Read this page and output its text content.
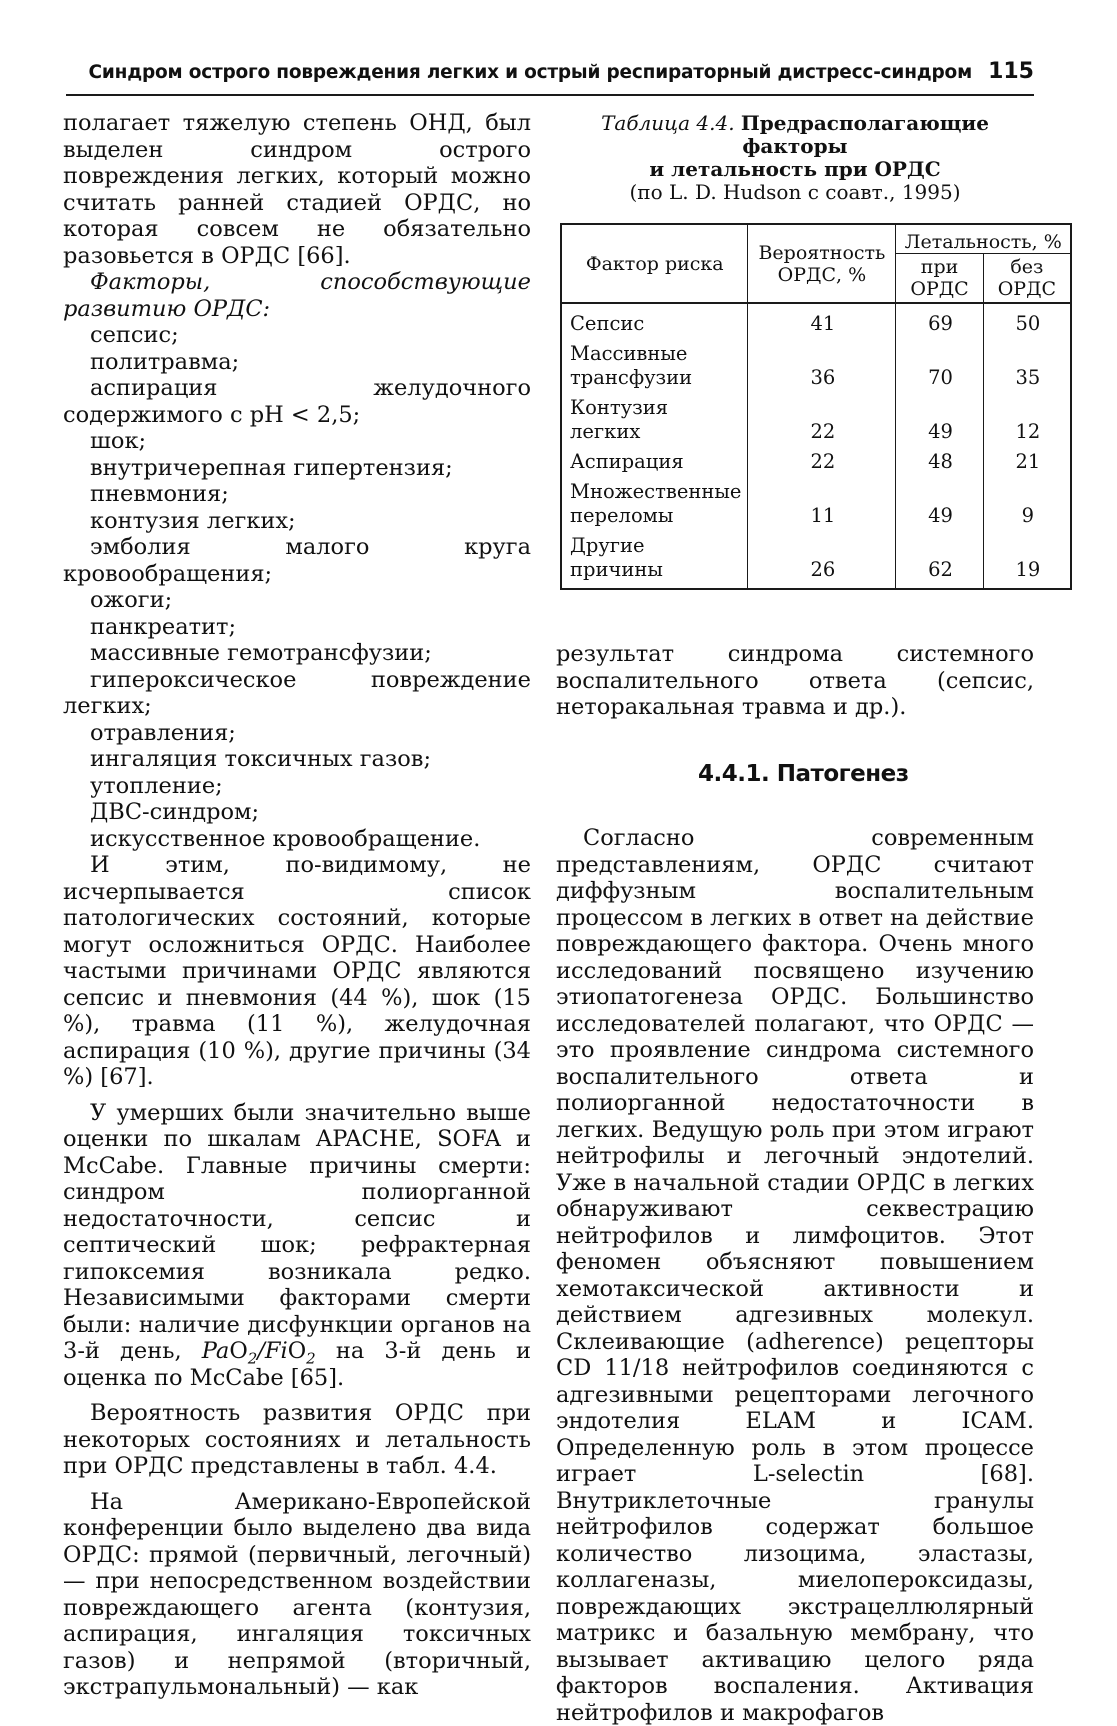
Синдром острого повреждения легких и острый респираторный дистресс-синдром 115

полагает тяжелую степень ОНД, был выделен синдром острого повреждения легких, который можно считать ранней стадией ОРДС, но которая совсем не обязательно разовьется в ОРДС [66].

Факторы, способствующие развитию ОРДС:

сепсис;
политравма;
аспирация желудочного содержимого с pH < 2,5;
шок;
внутричерепная гипертензия;
пневмония;
контузия легких;
эмболия малого круга кровообращения;
ожоги;
панкреатит;
массивные гемотрансфузии;
гипероксическое повреждение легких;
отравления;
ингаляция токсичных газов;
утопление;
ДВС-синдром;
искусственное кровообращение.

И этим, по-видимому, не исчерпывается список патологических состояний, которые могут осложниться ОРДС. Наиболее частыми причинами ОРДС являются сепсис и пневмония (44 %), шок (15 %), травма (11 %), желудочная аспирация (10 %), другие причины (34 %) [67].

У умерших были значительно выше оценки по шкалам APACHE, SOFA и McCabe. Главные причины смерти: синдром полиорганной недостаточности, сепсис и септический шок; рефрактерная гипоксемия возникала редко. Независимыми факторами смерти были: наличие дисфункции органов на 3-й день, PaO$_2$/FiO$_2$ на 3-й день и оценка по McCabe [65].

Вероятность развития ОРДС при некоторых состояниях и летальность при ОРДС представлены в табл. 4.4.

На Американо-Европейской конференции было выделено два вида ОРДС: прямой (первичный, легочный) — при непосредственном воздействии повреждающего агента (контузия, аспирация, ингаляция токсичных газов) и непрямой (вторичный, экстрапульмональный) — как

Таблица 4.4. Предрасполагающие факторы
и летальность при ОРДС
(по L. D. Hudson с соавт., 1995)
Фактор риска	Вероятность ОРДС, %	Летальность, %	
		при ОРДС	без ОРДС
Сепсис	41	69	50
Массивные трансфузии	36	70	35
Контузия легких	22	49	12
Аспирация	22	48	21
Множественные переломы	11	49	9
Другие причины	26	62	19

результат синдрома системного воспалительного ответа (сепсис, неторакальная травма и др.).

4.4.1. Патогенез

Согласно современным представлениям, ОРДС считают диффузным воспалительным процессом в легких в ответ на действие повреждающего фактора. Очень много исследований посвящено изучению этиопатогенеза ОРДС. Большинство исследователей полагают, что ОРДС — это проявление синдрома системного воспалительного ответа и полиорганной недостаточности в легких. Ведущую роль при этом играют нейтрофилы и легочный эндотелий. Уже в начальной стадии ОРДС в легких обнаруживают секвестрацию нейтрофилов и лимфоцитов. Этот феномен объясняют повышением хемотаксической активности и действием адгезивных молекул. Склеивающие (adherence) рецепторы CD 11/18 нейтрофилов соединяются с адгезивными рецепторами легочного эндотелия ELAM и ICAM. Определенную роль в этом процессе играет L-selectin [68]. Внутриклеточные гранулы нейтрофилов содержат большое количество лизоцима, эластазы, коллагеназы, миелопероксидазы, повреждающих экстрацеллюлярный матрикс и базальную мембрану, что вызывает активацию целого ряда факторов воспаления. Активация нейтрофилов и макрофагов
